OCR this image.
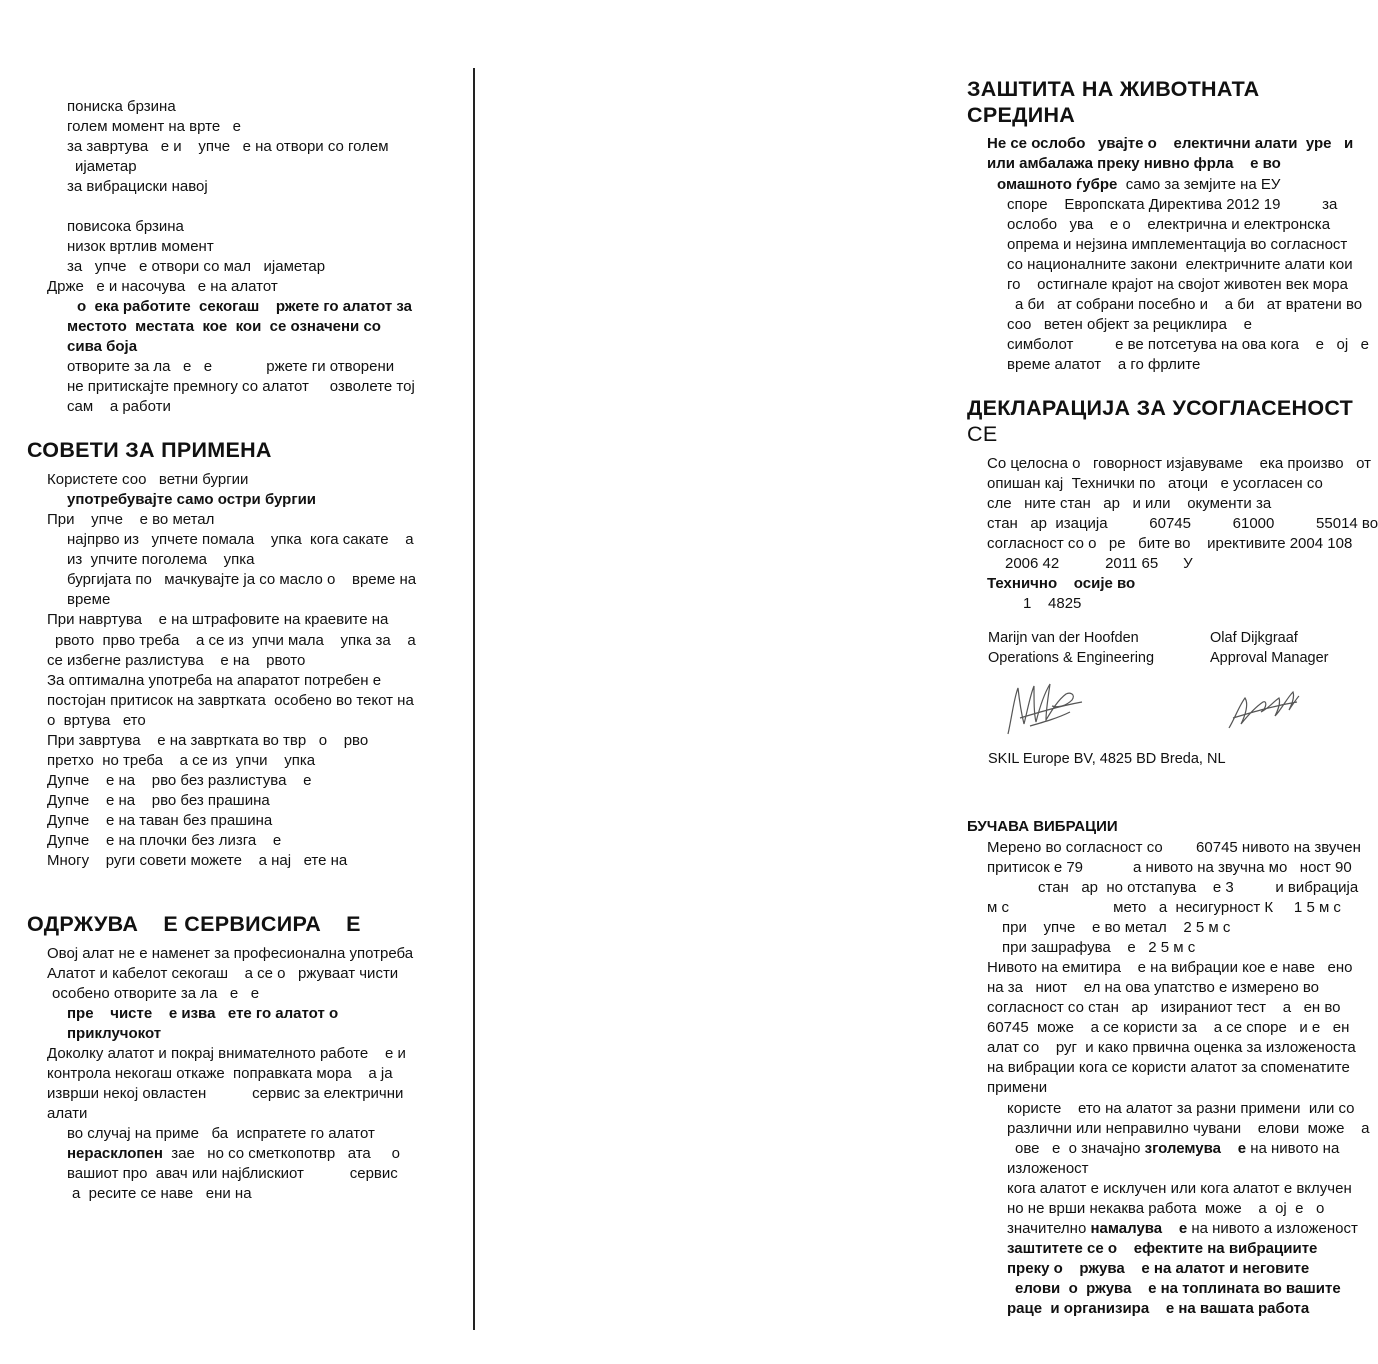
пониска брзина
голем момент на врте   е
за завртува   е и    упче   е на отвори со голем
ијаметар
за вибрациски навој
повисока брзина
низок вртлив момент
за   упче   е отвори со мал   ијаметар
Држе   е и насочува   е на алатот
о  ека работите  секогаш    ржете го алатот за
местото  местата  кое  кои  се означени со
сива боја
отворите за ла   е   е             ржете ги отворени
не притискајте премногу со алатот     озволете тој
сам    а работи
СОВЕТИ ЗА ПРИМЕНА
Користете соо   ветни бургии
употребувајте само остри бургии
При    упче    е во метал
најпрво из   упчете помала    упка  кога сакате    а
из  упчите поголема    упка
бургијата по   мачкувајте ја со масло о    време на
време
При навртува    е на штрафовите на краевите на
рвото  прво треба    а се из  упчи мала    упка за    а
се избегне разлистува    е на    рвото
За оптимална употреба на апаратот потребен е
постојан притисок на завртката  особено во текот на
о  вртува   ето
При завртува    е на завртката во твр   о    рво
претхо  но треба    а се из  упчи    упка
Дупче    е на    рво без разлистува    е
Дупче    е на    рво без прашина
Дупче    е на таван без прашина
Дупче    е на плочки без лизга    е
Многу    руги совети можете    а нај   ете на
ОДРЖУВА    Е СЕРВИСИРА    Е
Овој алат не е наменет за професионална употреба
Алатот и кабелот секогаш    а се о   ржуваат чисти
особено отворите за ла   е   е
пре    чисте    е изва   ете го алатот о
приклучокот
Доколку алатот и покрај внимателното работе    е и
контрола некогаш откаже  поправката мора    а ја
изврши некој овластен           сервис за електрични
алати
во случај на приме   ба  испратете го алатот
нерасклопен  зае   но со сметкопотвр   ата     о
вашиот про  авач или најблискиот           сервис
а  ресите се наве   ени на
ЗАШТИТА НА ЖИВОТНАТА
СРЕДИНА
Не се ослобо   увајте о    електични алати  уре   и
или амбалажа преку нивно фрла    е во
омашното ѓубре  само за земјите на ЕУ
споре    Европската Директива 2012 19          за
ослобо   ува    е о    електрична и електронска
опрема и нејзина имплементација во согласност
со националните закони  електричните алати кои
го    остигнале крајот на својот животен век мора
а би   ат собрани посебно и    а би   ат вратени во
соо   ветен објект за рециклира    е
симболот          е ве потсетува на ова кога    е   ој   е
време алатот    а го фрлите
ДЕКЛАРАЦИЈА ЗА УСОГЛАСЕНОСТ
CE
Со целосна о   говорност изјавуваме    ека произво   от
опишан кај  Технички по   атоци   е усогласен со
сле   ните стан   ар   и или    окументи за
стан   ар  изација          60745          61000          55014 во
согласност со о   ре   бите во    ирективите 2004 108
2006 42           2011 65      У
Технично    осије во
1    4825
Marijn van der Hoofden
Operations & Engineering
Olaf Dijkgraaf
Approval Manager
SKIL Europe BV, 4825 BD Breda, NL
БУЧАВА ВИБРАЦИИ
Мерено во согласност со        60745 нивото на звучен
притисок е 79            а нивото на звучна мо   ност 90
стан   ар  но отстапува    е 3          и вибрација
м с                         мето   а  несигурност К     1 5 м с
при    упче    е во метал    2 5 м с
при зашрафува    е   2 5 м с
Нивото на емитира    е на вибрации кое е наве   ено
на за   ниот    ел на ова упатство е измерено во
согласност со стан   ар   изираниот тест    а   ен во
60745  може    а се користи за    а се споре   и е   ен
алат со    руг  и како првична оценка за изложеноста
на вибрации кога се користи алатот за споменатите
примени
користе    ето на алатот за разни примени  или со
различни или неправилно чувани    елови  може    а
ове   е  о значајно зголемува    е на нивото на
изложеност
кога алатот е исклучен или кога алатот е вклучен
но не врши некаква работа  може    а  ој  е   о
значително намалува    е на нивото а изложеност
заштитете се о    ефектите на вибрациите
преку о    ржува    е на алатот и неговите
елови  о  ржува    е на топлината во вашите
раце  и организира    е на вашата работа
